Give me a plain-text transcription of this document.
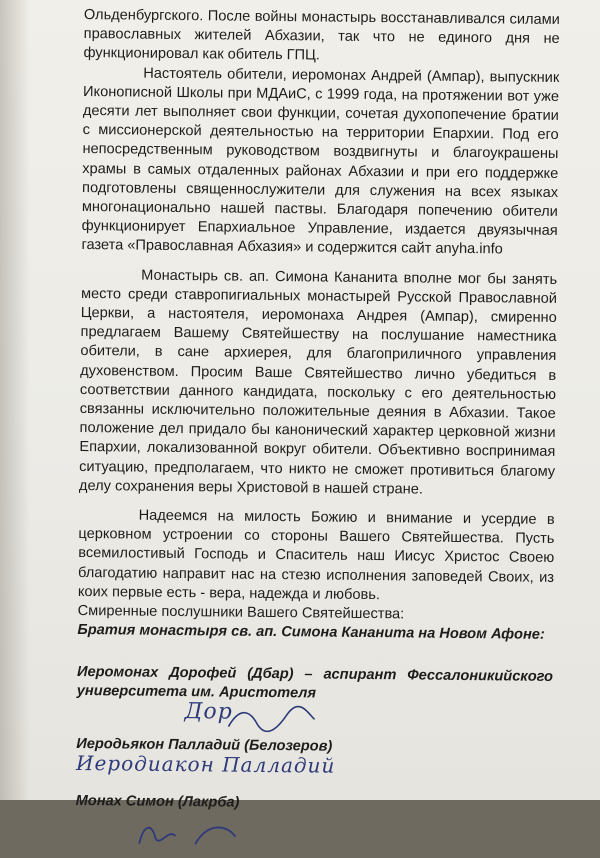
Ольденбургского. После войны монастырь восстанавливался силами православных жителей Абхазии, так что не единого дня не функционировал как обитель ГПЦ.

Настоятель обители, иеромонах Андрей (Ампар), выпускник Иконописной Школы при МДАиС, с 1999 года, на протяжении вот уже десяти лет выполняет свои функции, сочетая духопопечение братии с миссионерской деятельностью на территории Епархии. Под его непосредственным руководством воздвигнуты и благоукрашены храмы в самых отдаленных районах Абхазии и при его поддержке подготовлены священнослужители для служения на всех языках многонационально нашей паствы. Благодаря попечению обители функционирует Епархиальное Управление, издается двуязычная газета «Православная Абхазия» и содержится сайт anyha.info

Монастырь св. ап. Симона Кананита вполне мог бы занять место среди ставропигиальных монастырей Русской Православной Церкви, а настоятеля, иеромонаха Андрея (Ампар), смиренно предлагаем Вашему Святейшеству на послушание наместника обители, в сане архиерея, для благоприличного управления духовенством. Просим Ваше Святейшество лично убедиться в соответствии данного кандидата, поскольку с его деятельностью связанны исключительно положительные деяния в Абхазии. Такое положение дел придало бы канонический характер церковной жизни Епархии, локализованной вокруг обители. Объективно воспринимая ситуацию, предполагаем, что никто не сможет противиться благому делу сохранения веры Христовой в нашей стране.

Надеемся на милость Божию и внимание и усердие в церковном устроении со стороны Вашего Святейшества. Пусть всемилостивый Господь и Спаситель наш Иисус Христос Своею благодатию направит нас на стезю исполнения заповедей Своих, из коих первые есть - вера, надежда и любовь.

Смиренные послушники Вашего Святейшества:

Братия монастыря св. ап. Симона Кананита на Новом Афоне:

Иеромонах Дорофей (Дбар) – аспирант Фессалоникийского университета им. Аристотеля

Дор

Иеродьякон Палладий (Белозеров)

Иеродиакон Палладий

Монах Симон (Лакрба)
